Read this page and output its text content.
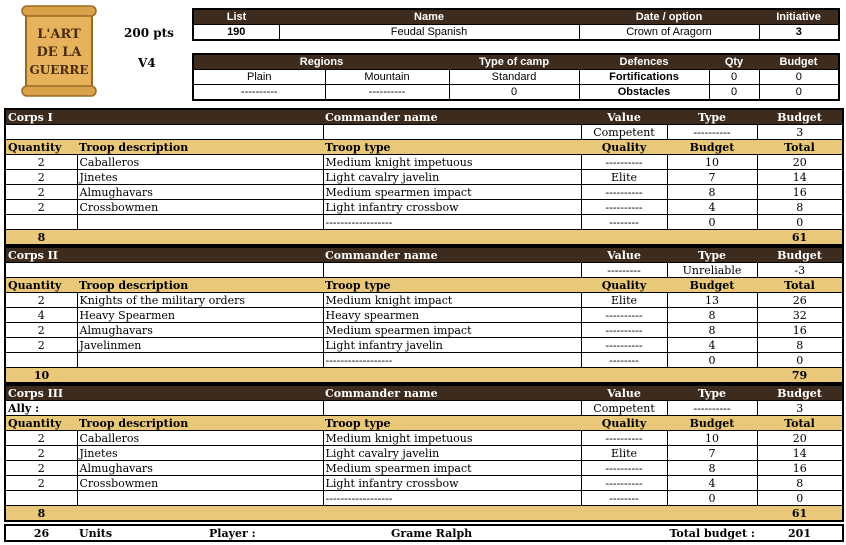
L'ART
DE LA
GUERRE
200 pts
V4
List	Name	Date / option	Initiative
190	Feudal Spanish	Crown of Aragorn	3
Regions		Type of camp	Defences	Qty	Budget
Plain	Mountain	Standard	Fortifications	0	0
----------	----------	0	Obstacles	0	0
Corps I		Commander name	Value	Type	Budget
			Competent	----------	3
Quantity	Troop description	Troop type	Quality	Budget	Total
2	Caballeros	Medium knight impetuous	----------	10	20
2	Jinetes	Light cavalry javelin	Elite	7	14
2	Almughavars	Medium spearmen impact	----------	8	16
2	Crossbowmen	Light infantry crossbow	----------	4	8
		------------------	--------	0	0
8					61
Corps II		Commander name	Value	Type	Budget
			---------	Unreliable	-3
Quantity	Troop description	Troop type	Quality	Budget	Total
2	Knights of the military orders	Medium knight impact	Elite	13	26
4	Heavy Spearmen	Heavy spearmen	----------	8	32
2	Almughavars	Medium spearmen impact	----------	8	16
2	Javelinmen	Light infantry javelin	----------	4	8
		------------------	--------	0	0
10					79
Corps III		Commander name	Value	Type	Budget
Ally :			Competent	----------	3
Quantity	Troop description	Troop type	Quality	Budget	Total
2	Caballeros	Medium knight impetuous	----------	10	20
2	Jinetes	Light cavalry javelin	Elite	7	14
2	Almughavars	Medium spearmen impact	----------	8	16
2	Crossbowmen	Light infantry crossbow	----------	4	8
		------------------	--------	0	0
8					61
26	Units	Player :	Grame Ralph	Total budget :	201
